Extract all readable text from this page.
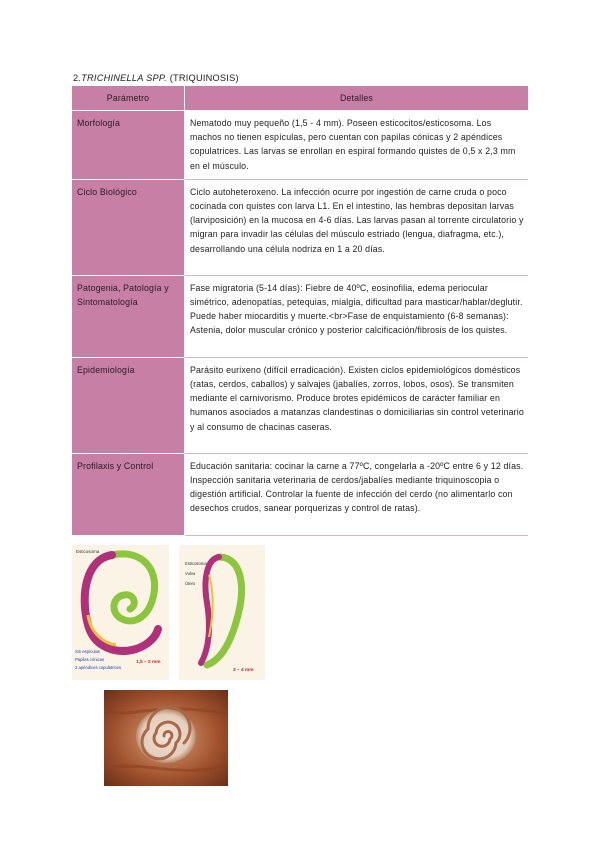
2.TRICHINELLA SPP. (TRIQUINOSIS)
Parámetro	Detalles
Morfología	Nematodo muy pequeño (1,5 - 4 mm). Poseen esticocitos/esticosoma. Los machos no tienen espículas, pero cuentan con papilas cónicas y 2 apéndices copulatrices. Las larvas se enrollan en espiral formando quistes de 0,5 x 2,3 mm en el músculo.
Ciclo Biológico	Ciclo autoheteroxeno. La infección ocurre por ingestión de carne cruda o poco cocinada con quistes con larva L1. En el intestino, las hembras depositan larvas (larviposición) en la mucosa en 4-6 días. Las larvas pasan al torrente circulatorio y migran para invadir las células del músculo estriado (lengua, diafragma, etc.), desarrollando una célula nodriza en 1 a 20 días.
Patogenia, Patología y Sintomatología	Fase migratoria (5-14 días): Fiebre de 40ºC, eosinofilia, edema periocular simétrico, adenopatías, petequias, mialgia, dificultad para masticar/hablar/deglutir. Puede haber miocarditis y muerte.<br>Fase de enquistamiento (6-8 semanas): Astenia, dolor muscular crónico y posterior calcificación/fibrosis de los quistes.
Epidemiología	Parásito eurixeno (difícil erradicación). Existen ciclos epidemiológicos domésticos (ratas, cerdos, caballos) y salvajes (jabalíes, zorros, lobos, osos). Se transmiten mediante el carnivorismo. Produce brotes epidémicos de carácter familiar en humanos asociados a matanzas clandestinas o domiciliarias sin control veterinario y al consumo de chacinas caseras.
Profilaxis y Control	Educación sanitaria: cocinar la carne a 77ºC, congelarla a -20ºC entre 6 y 12 días. Inspección sanitaria veterinaria de cerdos/jabalíes mediante triquinoscopia o digestión artificial. Controlar la fuente de infección del cerdo (no alimentarlo con desechos crudos, sanear porquerizas y control de ratas).
Esticosoma
Sin espículas
Papilas cónicas
2 apéndices copulatrices
1,5 – 2 mm
Esticosoma
Vulva
Útero
3 – 4 mm
